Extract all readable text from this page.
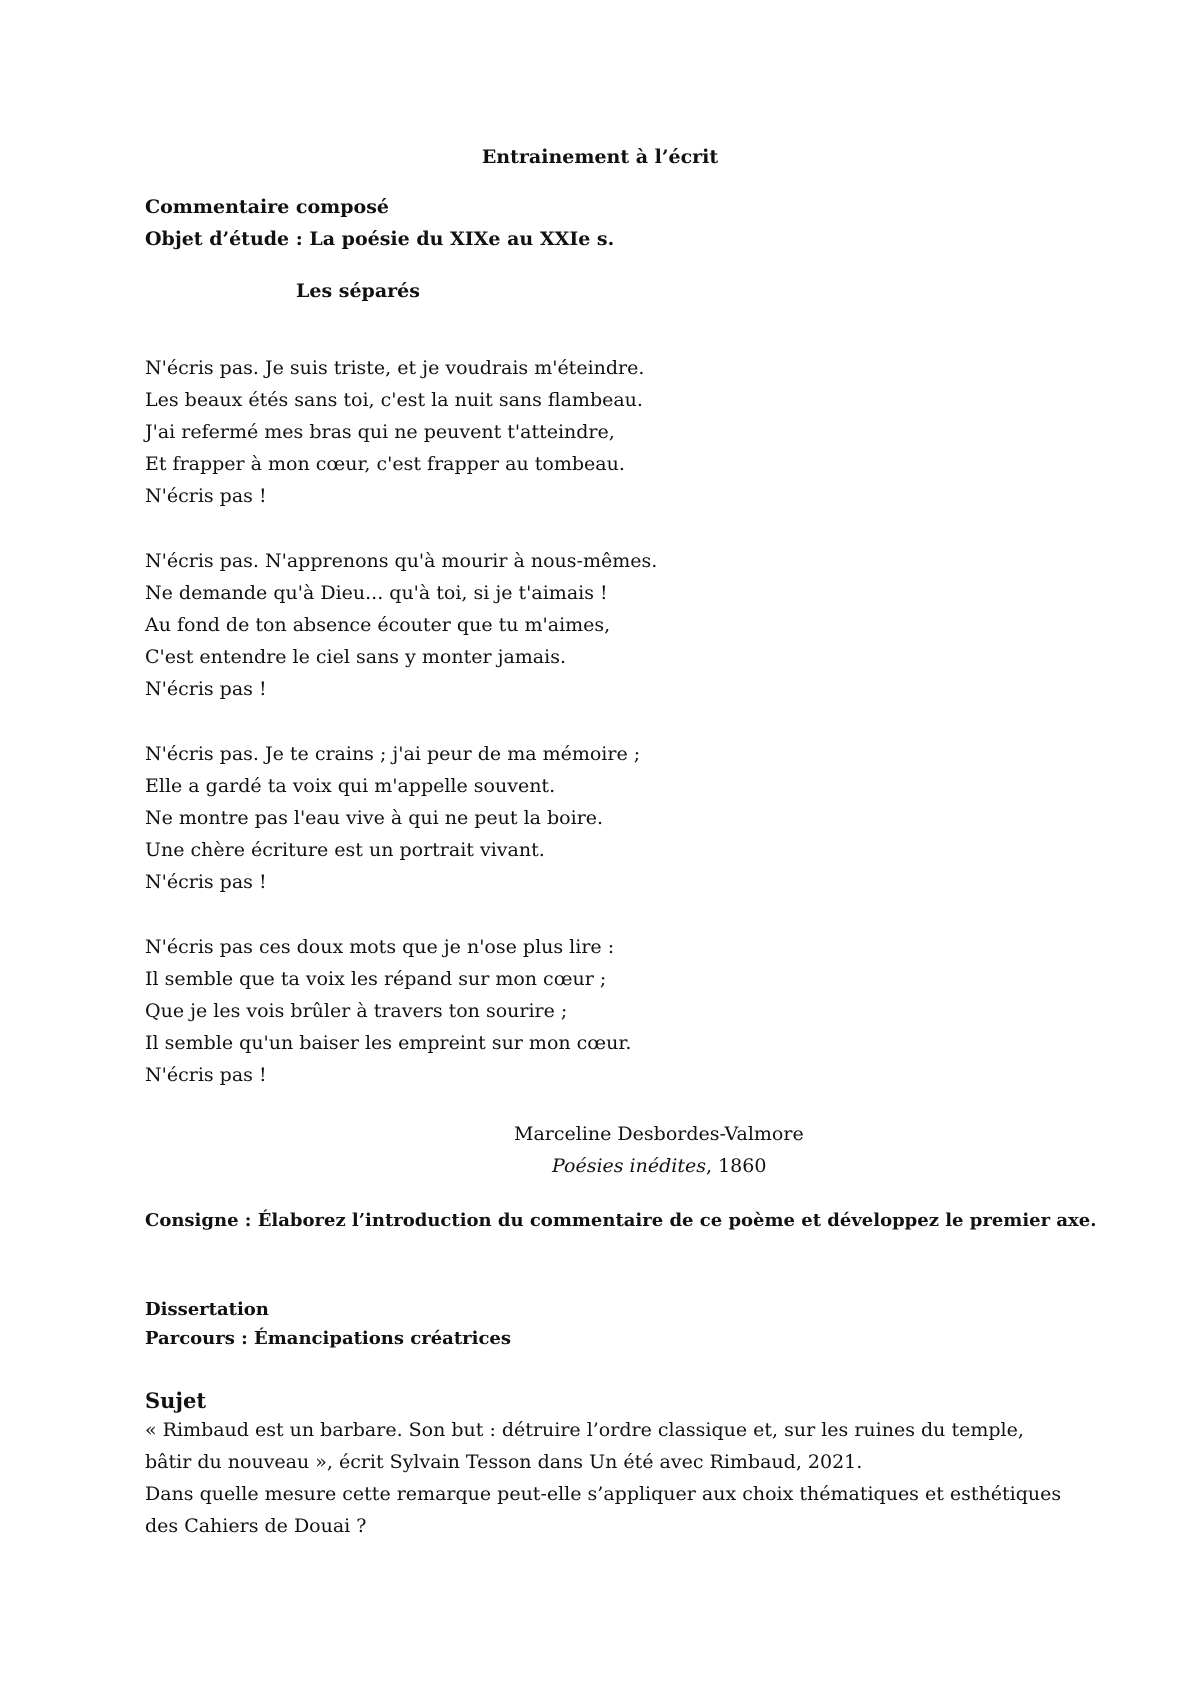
Entrainement à l’écrit

Commentaire composé

Objet d’étude : La poésie du XIXe au XXIe s.

Les séparés

N'écris pas. Je suis triste, et je voudrais m'éteindre.
Les beaux étés sans toi, c'est la nuit sans flambeau.
J'ai refermé mes bras qui ne peuvent t'atteindre,
Et frapper à mon cœur, c'est frapper au tombeau.
N'écris pas !
N'écris pas. N'apprenons qu'à mourir à nous-mêmes.
Ne demande qu'à Dieu... qu'à toi, si je t'aimais !
Au fond de ton absence écouter que tu m'aimes,
C'est entendre le ciel sans y monter jamais.
N'écris pas !
N'écris pas. Je te crains ; j'ai peur de ma mémoire ;
Elle a gardé ta voix qui m'appelle souvent.
Ne montre pas l'eau vive à qui ne peut la boire.
Une chère écriture est un portrait vivant.
N'écris pas !
N'écris pas ces doux mots que je n'ose plus lire :
Il semble que ta voix les répand sur mon cœur ;
Que je les vois brûler à travers ton sourire ;
Il semble qu'un baiser les empreint sur mon cœur.
N'écris pas !
Marceline Desbordes-Valmore
Poésies inédites, 1860

Consigne : Élaborez l’introduction du commentaire de ce poème et développez le premier axe.

Dissertation

Parcours : Émancipations créatrices

Sujet

« Rimbaud est un barbare. Son but : détruire l’ordre classique et, sur les ruines du temple,
bâtir du nouveau », écrit Sylvain Tesson dans Un été avec Rimbaud, 2021.
Dans quelle mesure cette remarque peut-elle s’appliquer aux choix thématiques et esthétiques
des Cahiers de Douai ?
